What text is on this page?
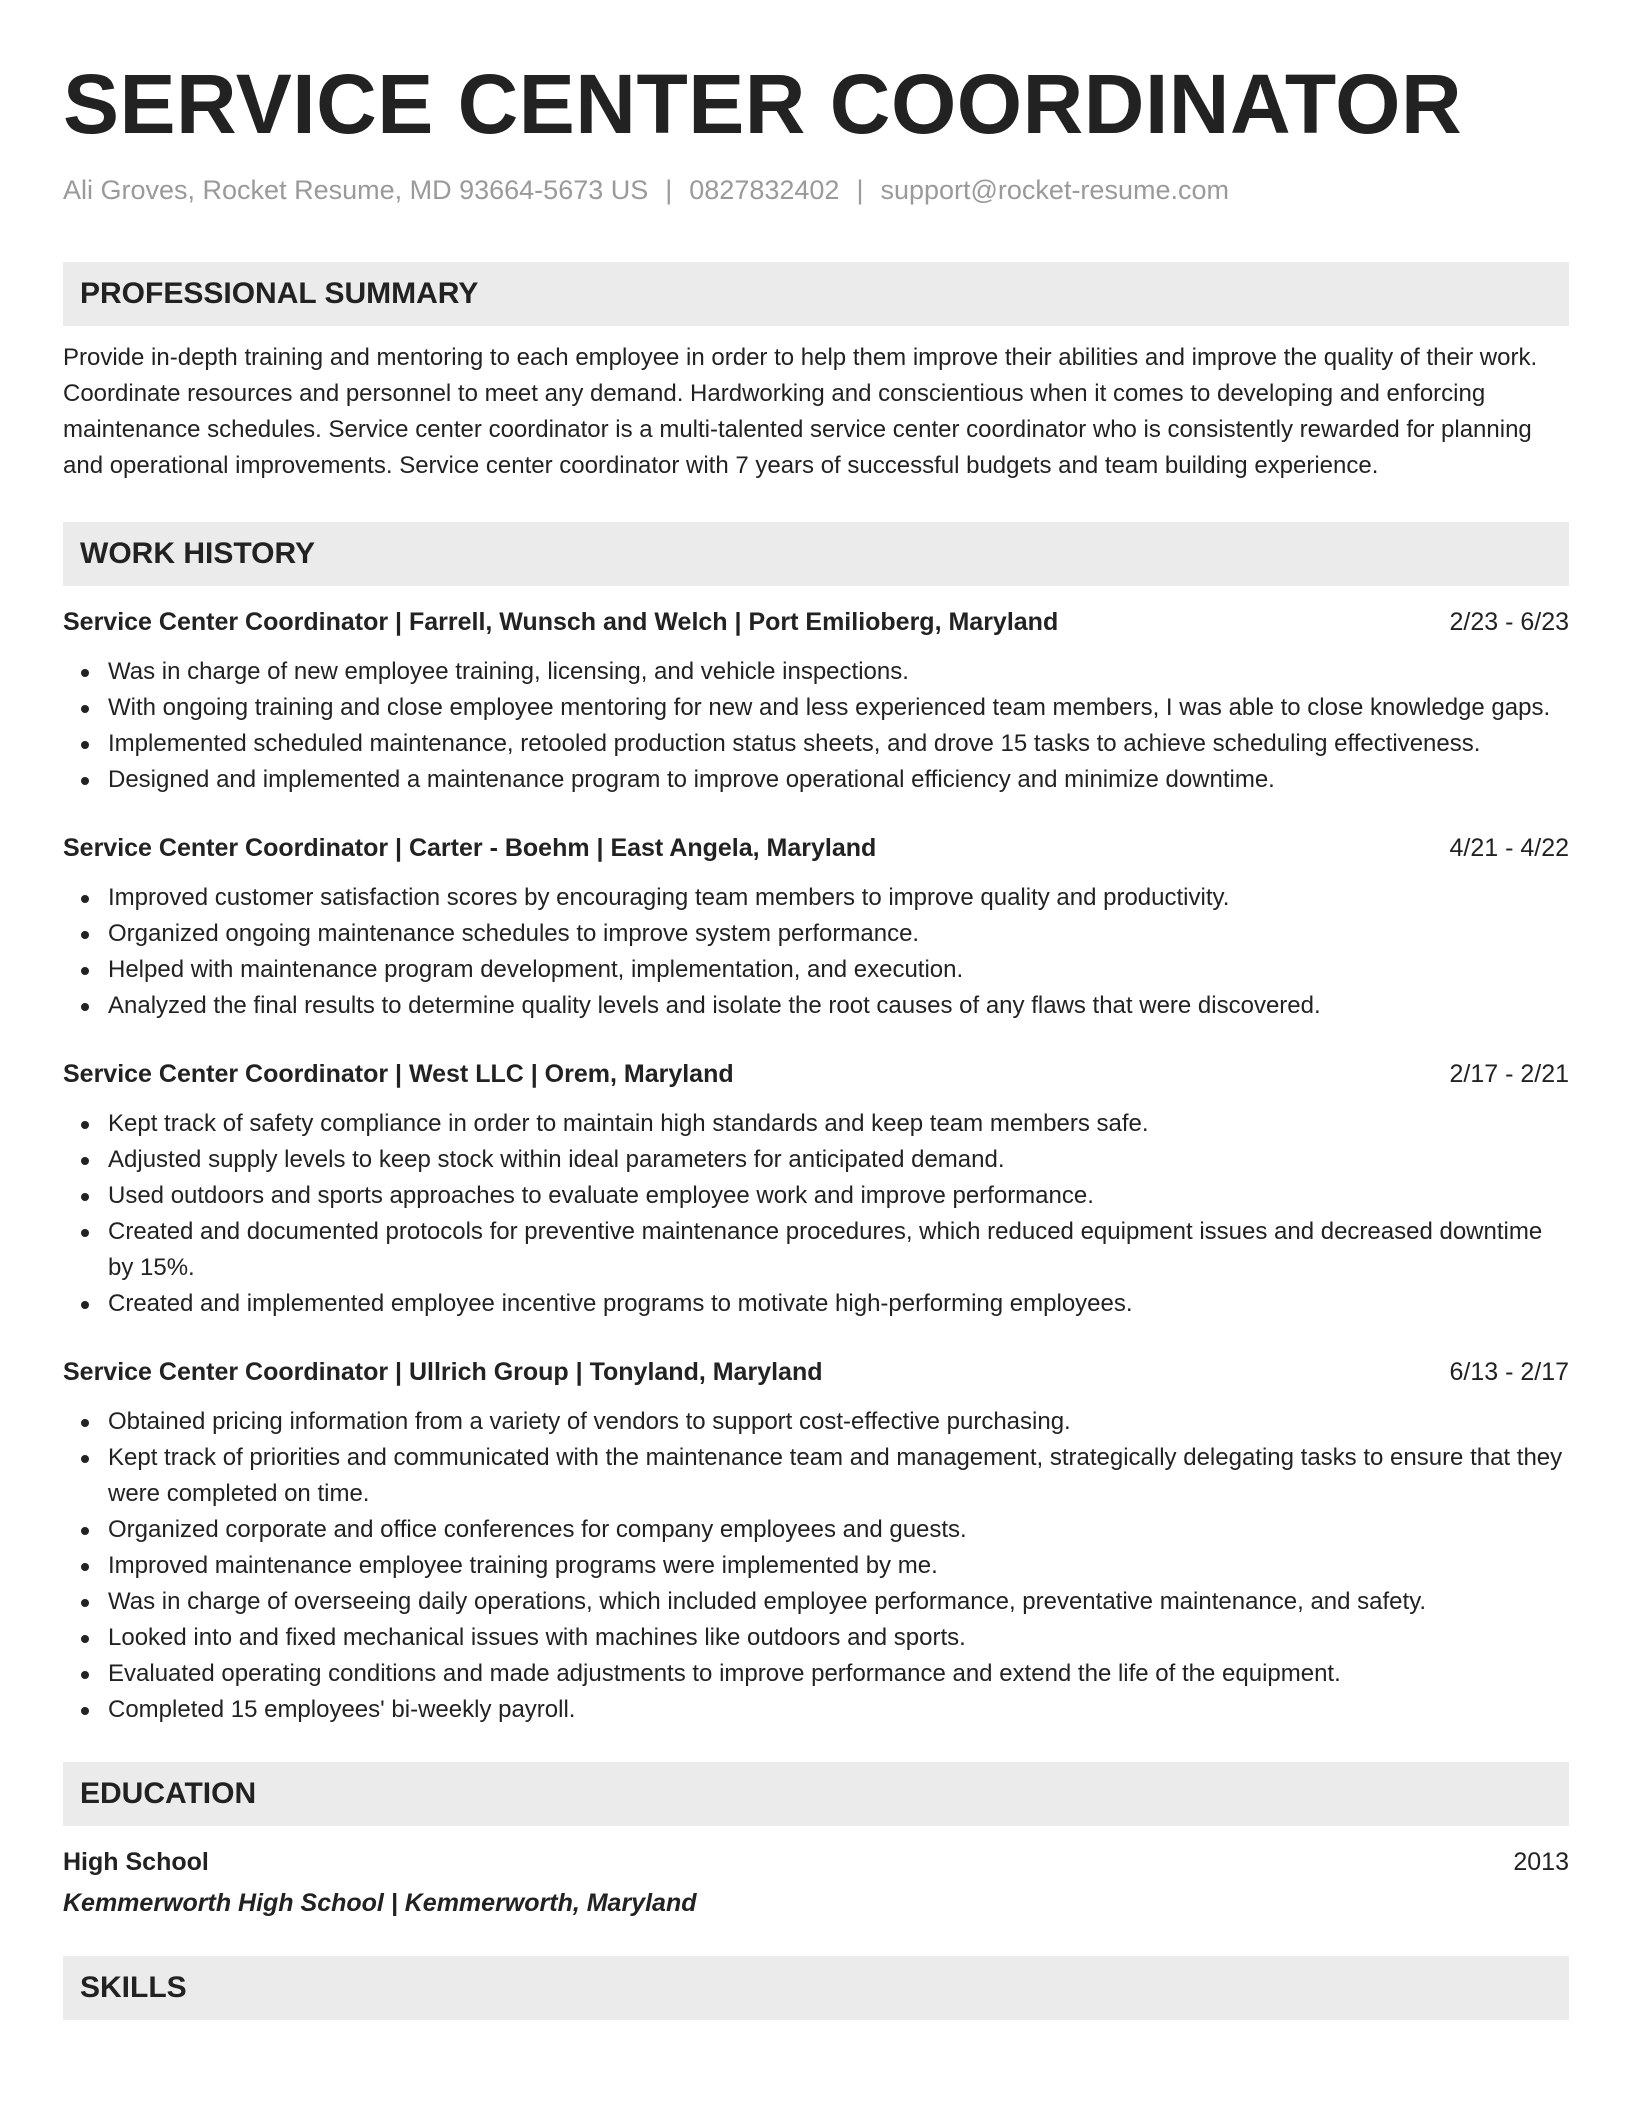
SERVICE CENTER COORDINATOR
Ali Groves, Rocket Resume, MD 93664-5673 US | 0827832402 | support@rocket-resume.com
PROFESSIONAL SUMMARY
Provide in-depth training and mentoring to each employee in order to help them improve their abilities and improve the quality of their work. Coordinate resources and personnel to meet any demand. Hardworking and conscientious when it comes to developing and enforcing maintenance schedules. Service center coordinator is a multi-talented service center coordinator who is consistently rewarded for planning and operational improvements. Service center coordinator with 7 years of successful budgets and team building experience.
WORK HISTORY
Service Center Coordinator | Farrell, Wunsch and Welch | Port Emilioberg, Maryland	2/23 - 6/23
Was in charge of new employee training, licensing, and vehicle inspections.
With ongoing training and close employee mentoring for new and less experienced team members, I was able to close knowledge gaps.
Implemented scheduled maintenance, retooled production status sheets, and drove 15 tasks to achieve scheduling effectiveness.
Designed and implemented a maintenance program to improve operational efficiency and minimize downtime.
Service Center Coordinator | Carter - Boehm | East Angela, Maryland	4/21 - 4/22
Improved customer satisfaction scores by encouraging team members to improve quality and productivity.
Organized ongoing maintenance schedules to improve system performance.
Helped with maintenance program development, implementation, and execution.
Analyzed the final results to determine quality levels and isolate the root causes of any flaws that were discovered.
Service Center Coordinator | West LLC | Orem, Maryland	2/17 - 2/21
Kept track of safety compliance in order to maintain high standards and keep team members safe.
Adjusted supply levels to keep stock within ideal parameters for anticipated demand.
Used outdoors and sports approaches to evaluate employee work and improve performance.
Created and documented protocols for preventive maintenance procedures, which reduced equipment issues and decreased downtime by 15%.
Created and implemented employee incentive programs to motivate high-performing employees.
Service Center Coordinator | Ullrich Group | Tonyland, Maryland	6/13 - 2/17
Obtained pricing information from a variety of vendors to support cost-effective purchasing.
Kept track of priorities and communicated with the maintenance team and management, strategically delegating tasks to ensure that they were completed on time.
Organized corporate and office conferences for company employees and guests.
Improved maintenance employee training programs were implemented by me.
Was in charge of overseeing daily operations, which included employee performance, preventative maintenance, and safety.
Looked into and fixed mechanical issues with machines like outdoors and sports.
Evaluated operating conditions and made adjustments to improve performance and extend the life of the equipment.
Completed 15 employees' bi-weekly payroll.
EDUCATION
High School	2013
Kemmerworth High School | Kemmerworth, Maryland
SKILLS
